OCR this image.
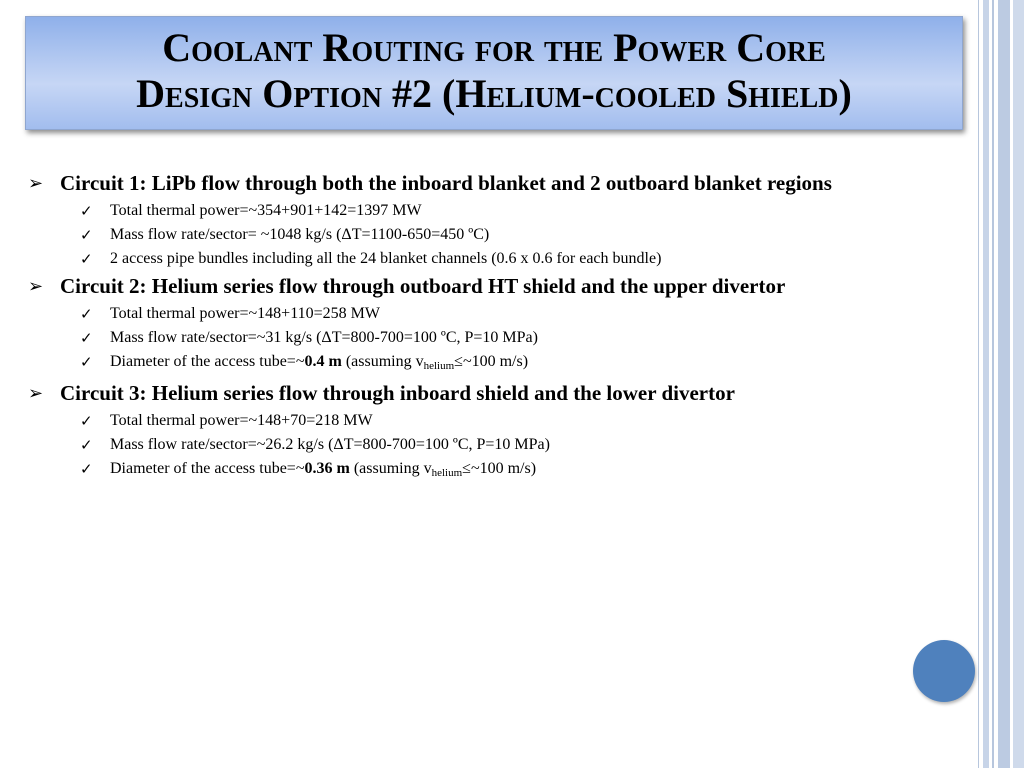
Coolant Routing for the Power Core
Design Option #2 (Helium-cooled Shield)

➢ Circuit 1: LiPb flow through both the inboard blanket and 2 outboard blanket regions

✓ Total thermal power=~354+901+142=1397 MW

✓ Mass flow rate/sector= ~1048 kg/s (ΔT=1100-650=450 ºC)

✓ 2 access pipe bundles including all the 24 blanket channels (0.6 x 0.6 for each bundle)

➢ Circuit 2: Helium series flow through outboard HT shield and the upper divertor

✓ Total thermal power=~148+110=258 MW

✓ Mass flow rate/sector=~31 kg/s (ΔT=800-700=100 ºC, P=10 MPa)

✓ Diameter of the access tube=~0.4 m (assuming $v_{helium}\le\sim 100$ m/s)

➢ Circuit 3: Helium series flow through inboard shield and the lower divertor

✓ Total thermal power=~148+70=218 MW

✓ Mass flow rate/sector=~26.2 kg/s (ΔT=800-700=100 ºC, P=10 MPa)

✓ Diameter of the access tube=~0.36 m (assuming $v_{helium}\le\sim 100$ m/s)
